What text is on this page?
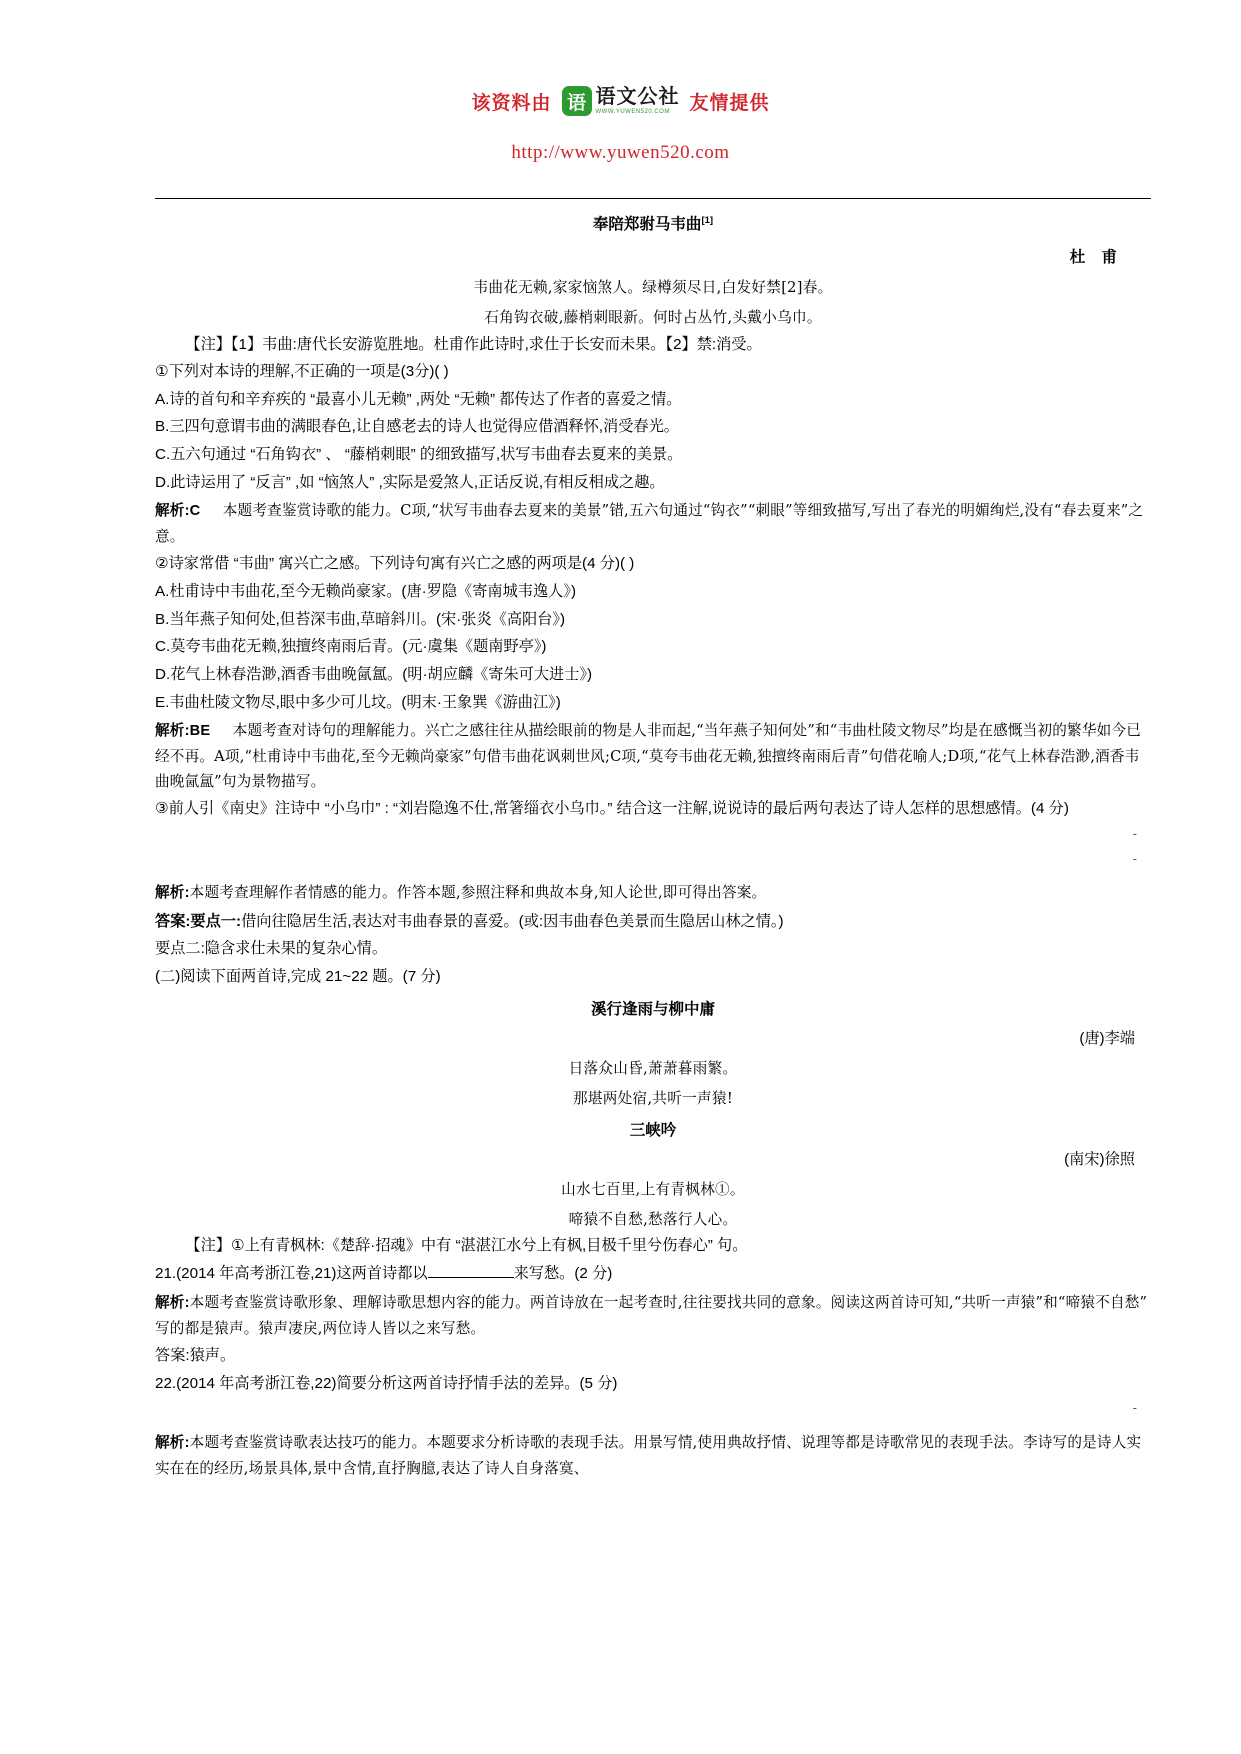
该资料由 语 语文公社
WWW.YUWEN520.COM 友情提供
http://www.yuwen520.com
奉陪郑驸马韦曲[1]
杜 甫
韦曲花无赖,家家恼煞人。绿樽须尽日,白发好禁[2]春。
石角钩衣破,藤梢刺眼新。何时占丛竹,头戴小乌巾。
【注】【1】韦曲:唐代长安游览胜地。杜甫作此诗时,求仕于长安而未果。【2】禁:消受。
①下列对本诗的理解,不正确的一项是(3分)( )
A.诗的首句和辛弃疾的 “最喜小儿无赖” ,两处 “无赖” 都传达了作者的喜爱之情。
B.三四句意谓韦曲的满眼春色,让自感老去的诗人也觉得应借酒释怀,消受春光。
C.五六句通过 “石角钩衣” 、 “藤梢刺眼” 的细致描写,状写韦曲春去夏来的美景。
D.此诗运用了 “反言” ,如 “恼煞人” ,实际是爱煞人,正话反说,有相反相成之趣。
解析:C 本题考查鉴赏诗歌的能力。C项,“状写韦曲春去夏来的美景”错,五六句通过“钩衣”“刺眼”等细致描写,写出了春光的明媚绚烂,没有“春去夏来”之意。
②诗家常借 “韦曲” 寓兴亡之感。下列诗句寓有兴亡之感的两项是(4 分)( )
A.杜甫诗中韦曲花,至今无赖尚豪家。(唐·罗隐《寄南城韦逸人》)
B.当年燕子知何处,但苔深韦曲,草暗斜川。(宋·张炎《高阳台》)
C.莫夸韦曲花无赖,独擅终南雨后青。(元·虞集《题南野亭》)
D.花气上林春浩渺,酒香韦曲晚氤氲。(明·胡应麟《寄朱可大进士》)
E.韦曲杜陵文物尽,眼中多少可儿坟。(明末·王象巽《游曲江》)
解析:BE 本题考查对诗句的理解能力。兴亡之感往往从描绘眼前的物是人非而起,“当年燕子知何处”和“韦曲杜陵文物尽”均是在感慨当初的繁华如今已经不再。A项,“杜甫诗中韦曲花,至今无赖尚豪家”句借韦曲花讽刺世风;C项,“莫夸韦曲花无赖,独擅终南雨后青”句借花喻人;D项,“花气上林春浩渺,酒香韦曲晚氤氲”句为景物描写。
③前人引《南史》注诗中 “小乌巾” : “刘岩隐逸不仕,常箸缁衣小乌巾。” 结合这一注解,说说诗的最后两句表达了诗人怎样的思想感情。(4 分)
-
-
解析:本题考查理解作者情感的能力。作答本题,参照注释和典故本身,知人论世,即可得出答案。
答案:要点一:借向往隐居生活,表达对韦曲春景的喜爱。(或:因韦曲春色美景而生隐居山林之情。)
要点二:隐含求仕未果的复杂心情。
(二)阅读下面两首诗,完成 21~22 题。(7 分)
溪行逢雨与柳中庸
(唐)李端
日落众山昏,萧萧暮雨繁。
那堪两处宿,共听一声猿!
三峡吟
(南宋)徐照
山水七百里,上有青枫林①。
啼猿不自愁,愁落行人心。
【注】①上有青枫林:《楚辞·招魂》中有 “湛湛江水兮上有枫,目极千里兮伤春心” 句。
21.(2014 年高考浙江卷,21)这两首诗都以	来写愁。(2 分)
解析:本题考查鉴赏诗歌形象、理解诗歌思想内容的能力。两首诗放在一起考查时,往往要找共同的意象。阅读这两首诗可知,“共听一声猿”和“啼猿不自愁”写的都是猿声。猿声凄戾,两位诗人皆以之来写愁。
答案:猿声。
22.(2014 年高考浙江卷,22)简要分析这两首诗抒情手法的差异。(5 分)
-
解析:本题考查鉴赏诗歌表达技巧的能力。本题要求分析诗歌的表现手法。用景写情,使用典故抒情、说理等都是诗歌常见的表现手法。李诗写的是诗人实实在在的经历,场景具体,景中含情,直抒胸臆,表达了诗人自身落寞、
